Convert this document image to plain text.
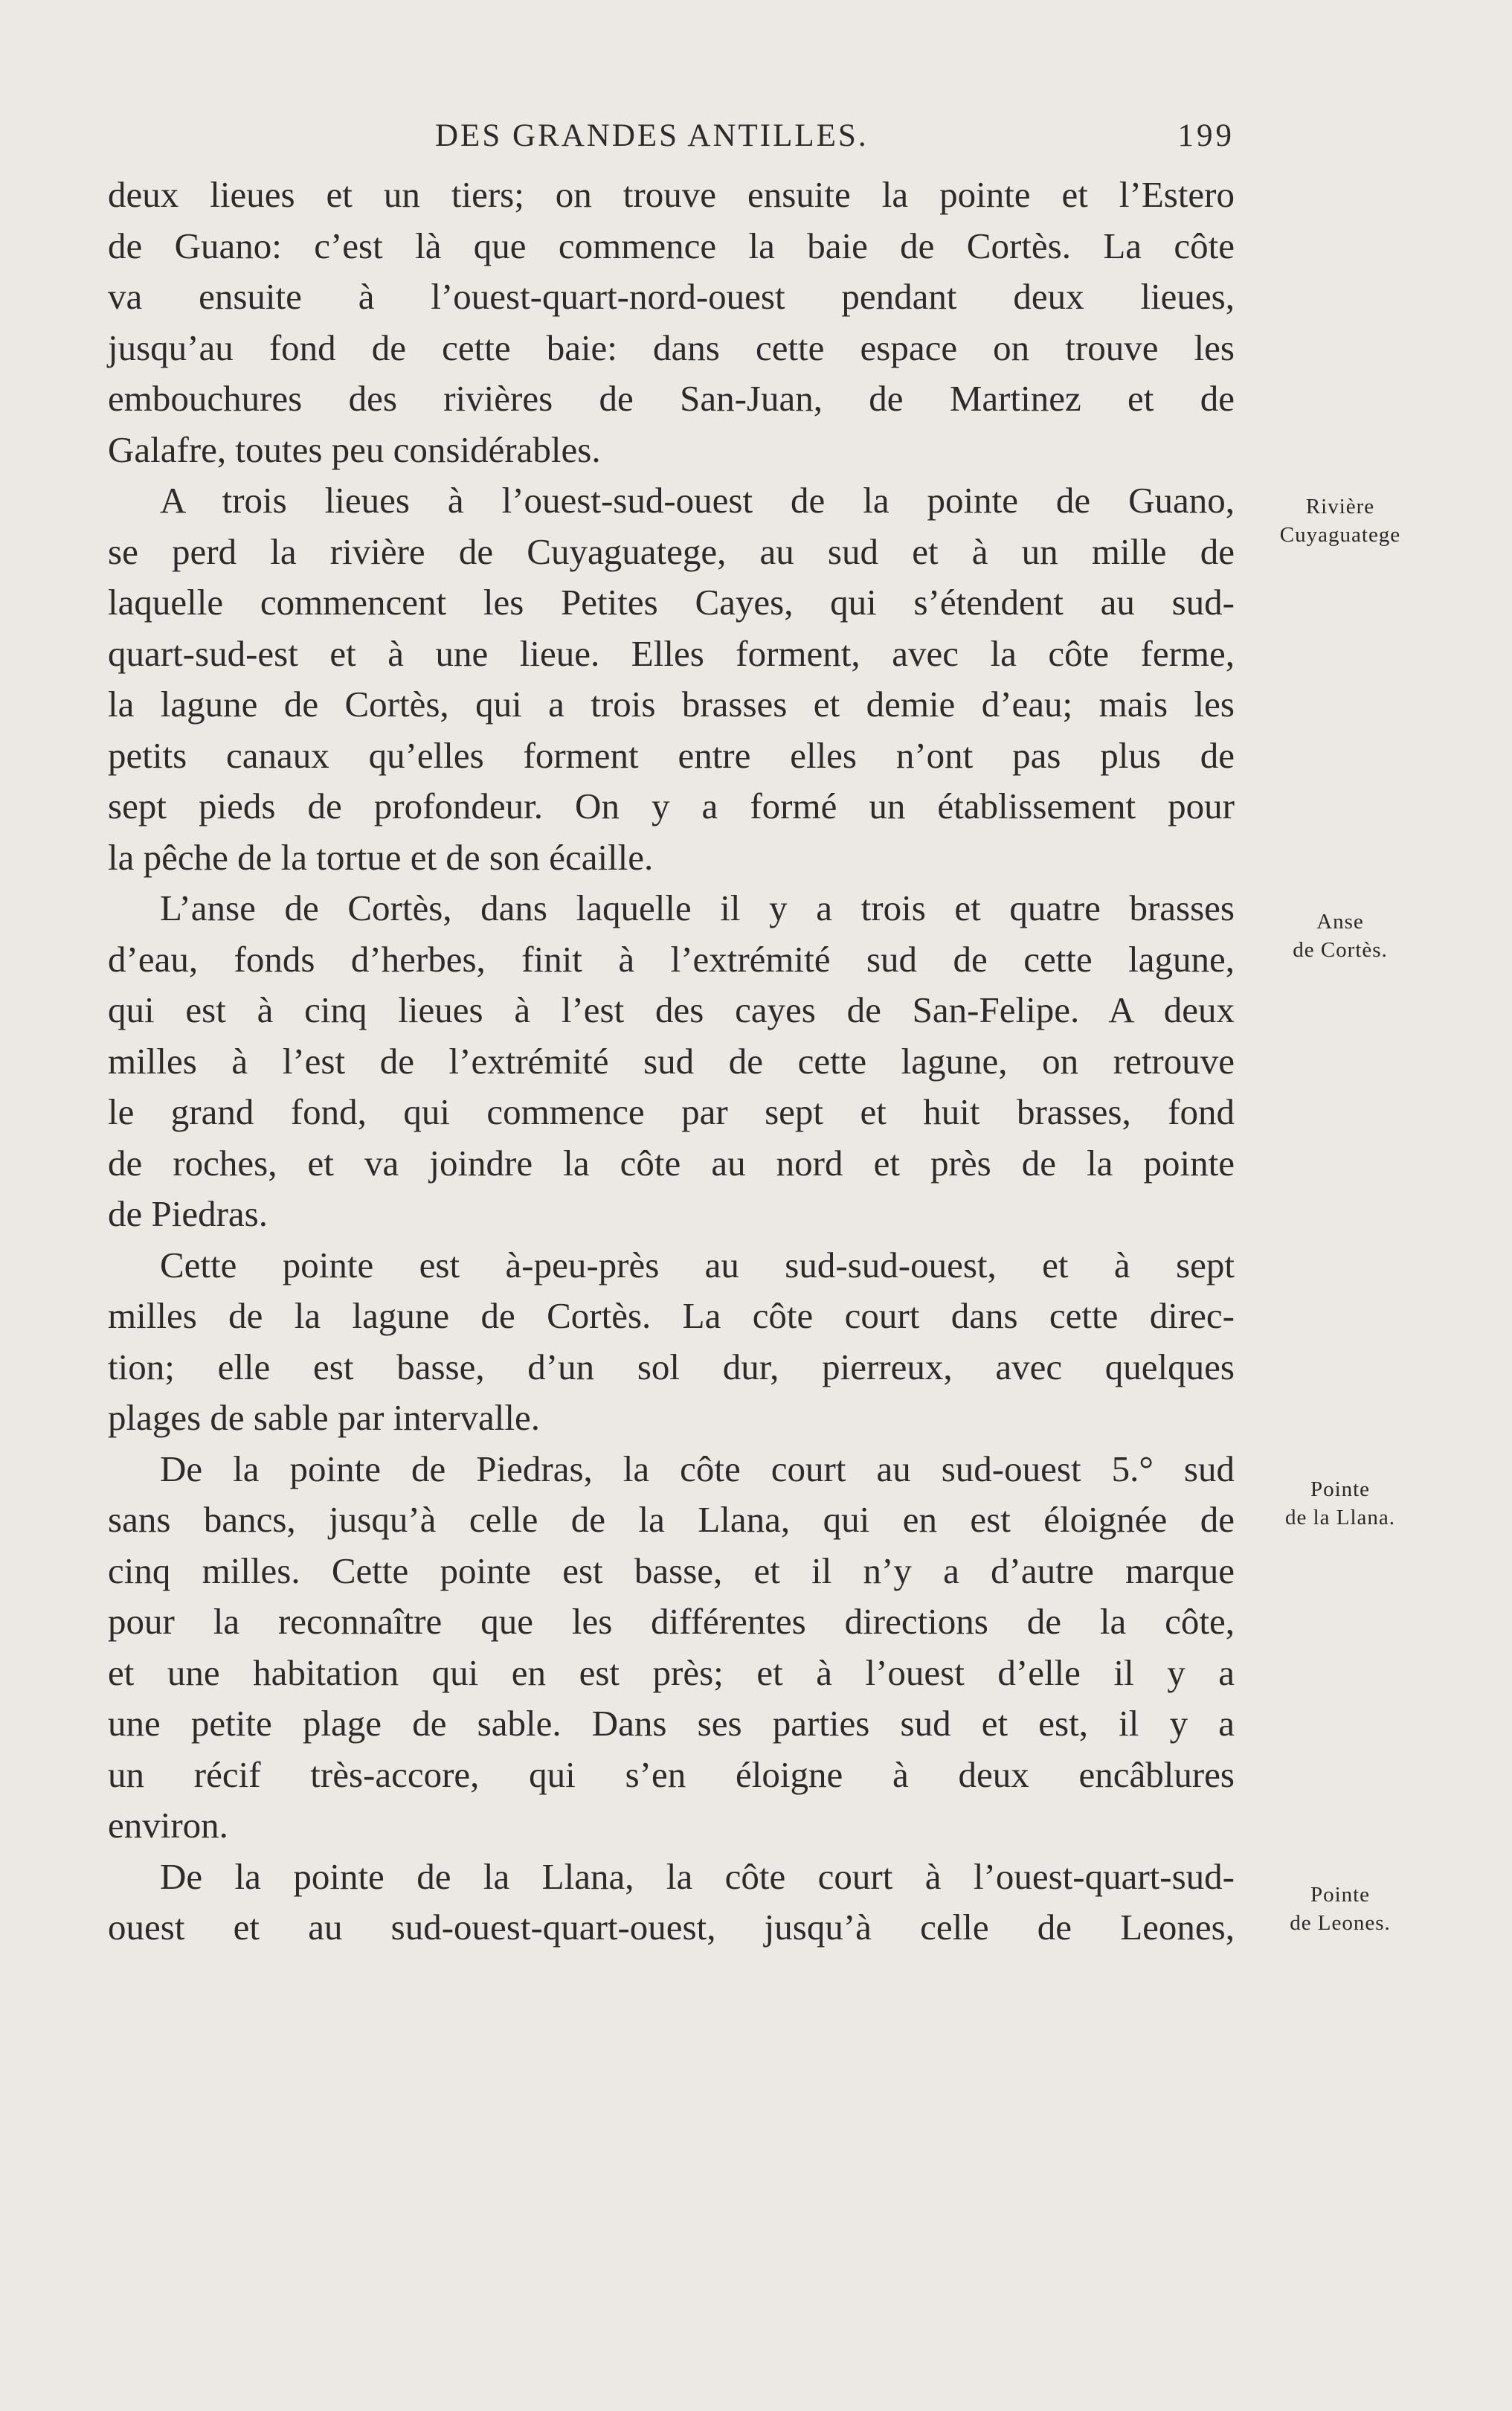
DES GRANDES ANTILLES.	199
deux lieues et un tiers; on trouve ensuite la pointe et l’Estero
de Guano: c’est là que commence la baie de Cortès. La côte
va ensuite à l’ouest-quart-nord-ouest pendant deux lieues,
jusqu’au fond de cette baie: dans cette espace on trouve les
embouchures des rivières de San-Juan, de Martinez et de
Galafre, toutes peu considérables.
A trois lieues à l’ouest-sud-ouest de la pointe de Guano,
se perd la rivière de Cuyaguatege, au sud et à un mille de
laquelle commencent les Petites Cayes, qui s’étendent au sud-
quart-sud-est et à une lieue. Elles forment, avec la côte ferme,
la lagune de Cortès, qui a trois brasses et demie d’eau; mais les
petits canaux qu’elles forment entre elles n’ont pas plus de
sept pieds de profondeur. On y a formé un établissement pour
la pêche de la tortue et de son écaille.
L’anse de Cortès, dans laquelle il y a trois et quatre brasses
d’eau, fonds d’herbes, finit à l’extrémité sud de cette lagune,
qui est à cinq lieues à l’est des cayes de San-Felipe. A deux
milles à l’est de l’extrémité sud de cette lagune, on retrouve
le grand fond, qui commence par sept et huit brasses, fond
de roches, et va joindre la côte au nord et près de la pointe
de Piedras.
Cette pointe est à-peu-près au sud-sud-ouest, et à sept
milles de la lagune de Cortès. La côte court dans cette direc-
tion; elle est basse, d’un sol dur, pierreux, avec quelques
plages de sable par intervalle.
De la pointe de Piedras, la côte court au sud-ouest 5.° sud
sans bancs, jusqu’à celle de la Llana, qui en est éloignée de
cinq milles. Cette pointe est basse, et il n’y a d’autre marque
pour la reconnaître que les différentes directions de la côte,
et une habitation qui en est près; et à l’ouest d’elle il y a
une petite plage de sable. Dans ses parties sud et est, il y a
un récif très-accore, qui s’en éloigne à deux encâblures
environ.
De la pointe de la Llana, la côte court à l’ouest-quart-sud-
ouest et au sud-ouest-quart-ouest, jusqu’à celle de Leones,
Rivière
Cuyaguatege
Anse
de Cortès.
Pointe
de la Llana.
Pointe
de Leones.
